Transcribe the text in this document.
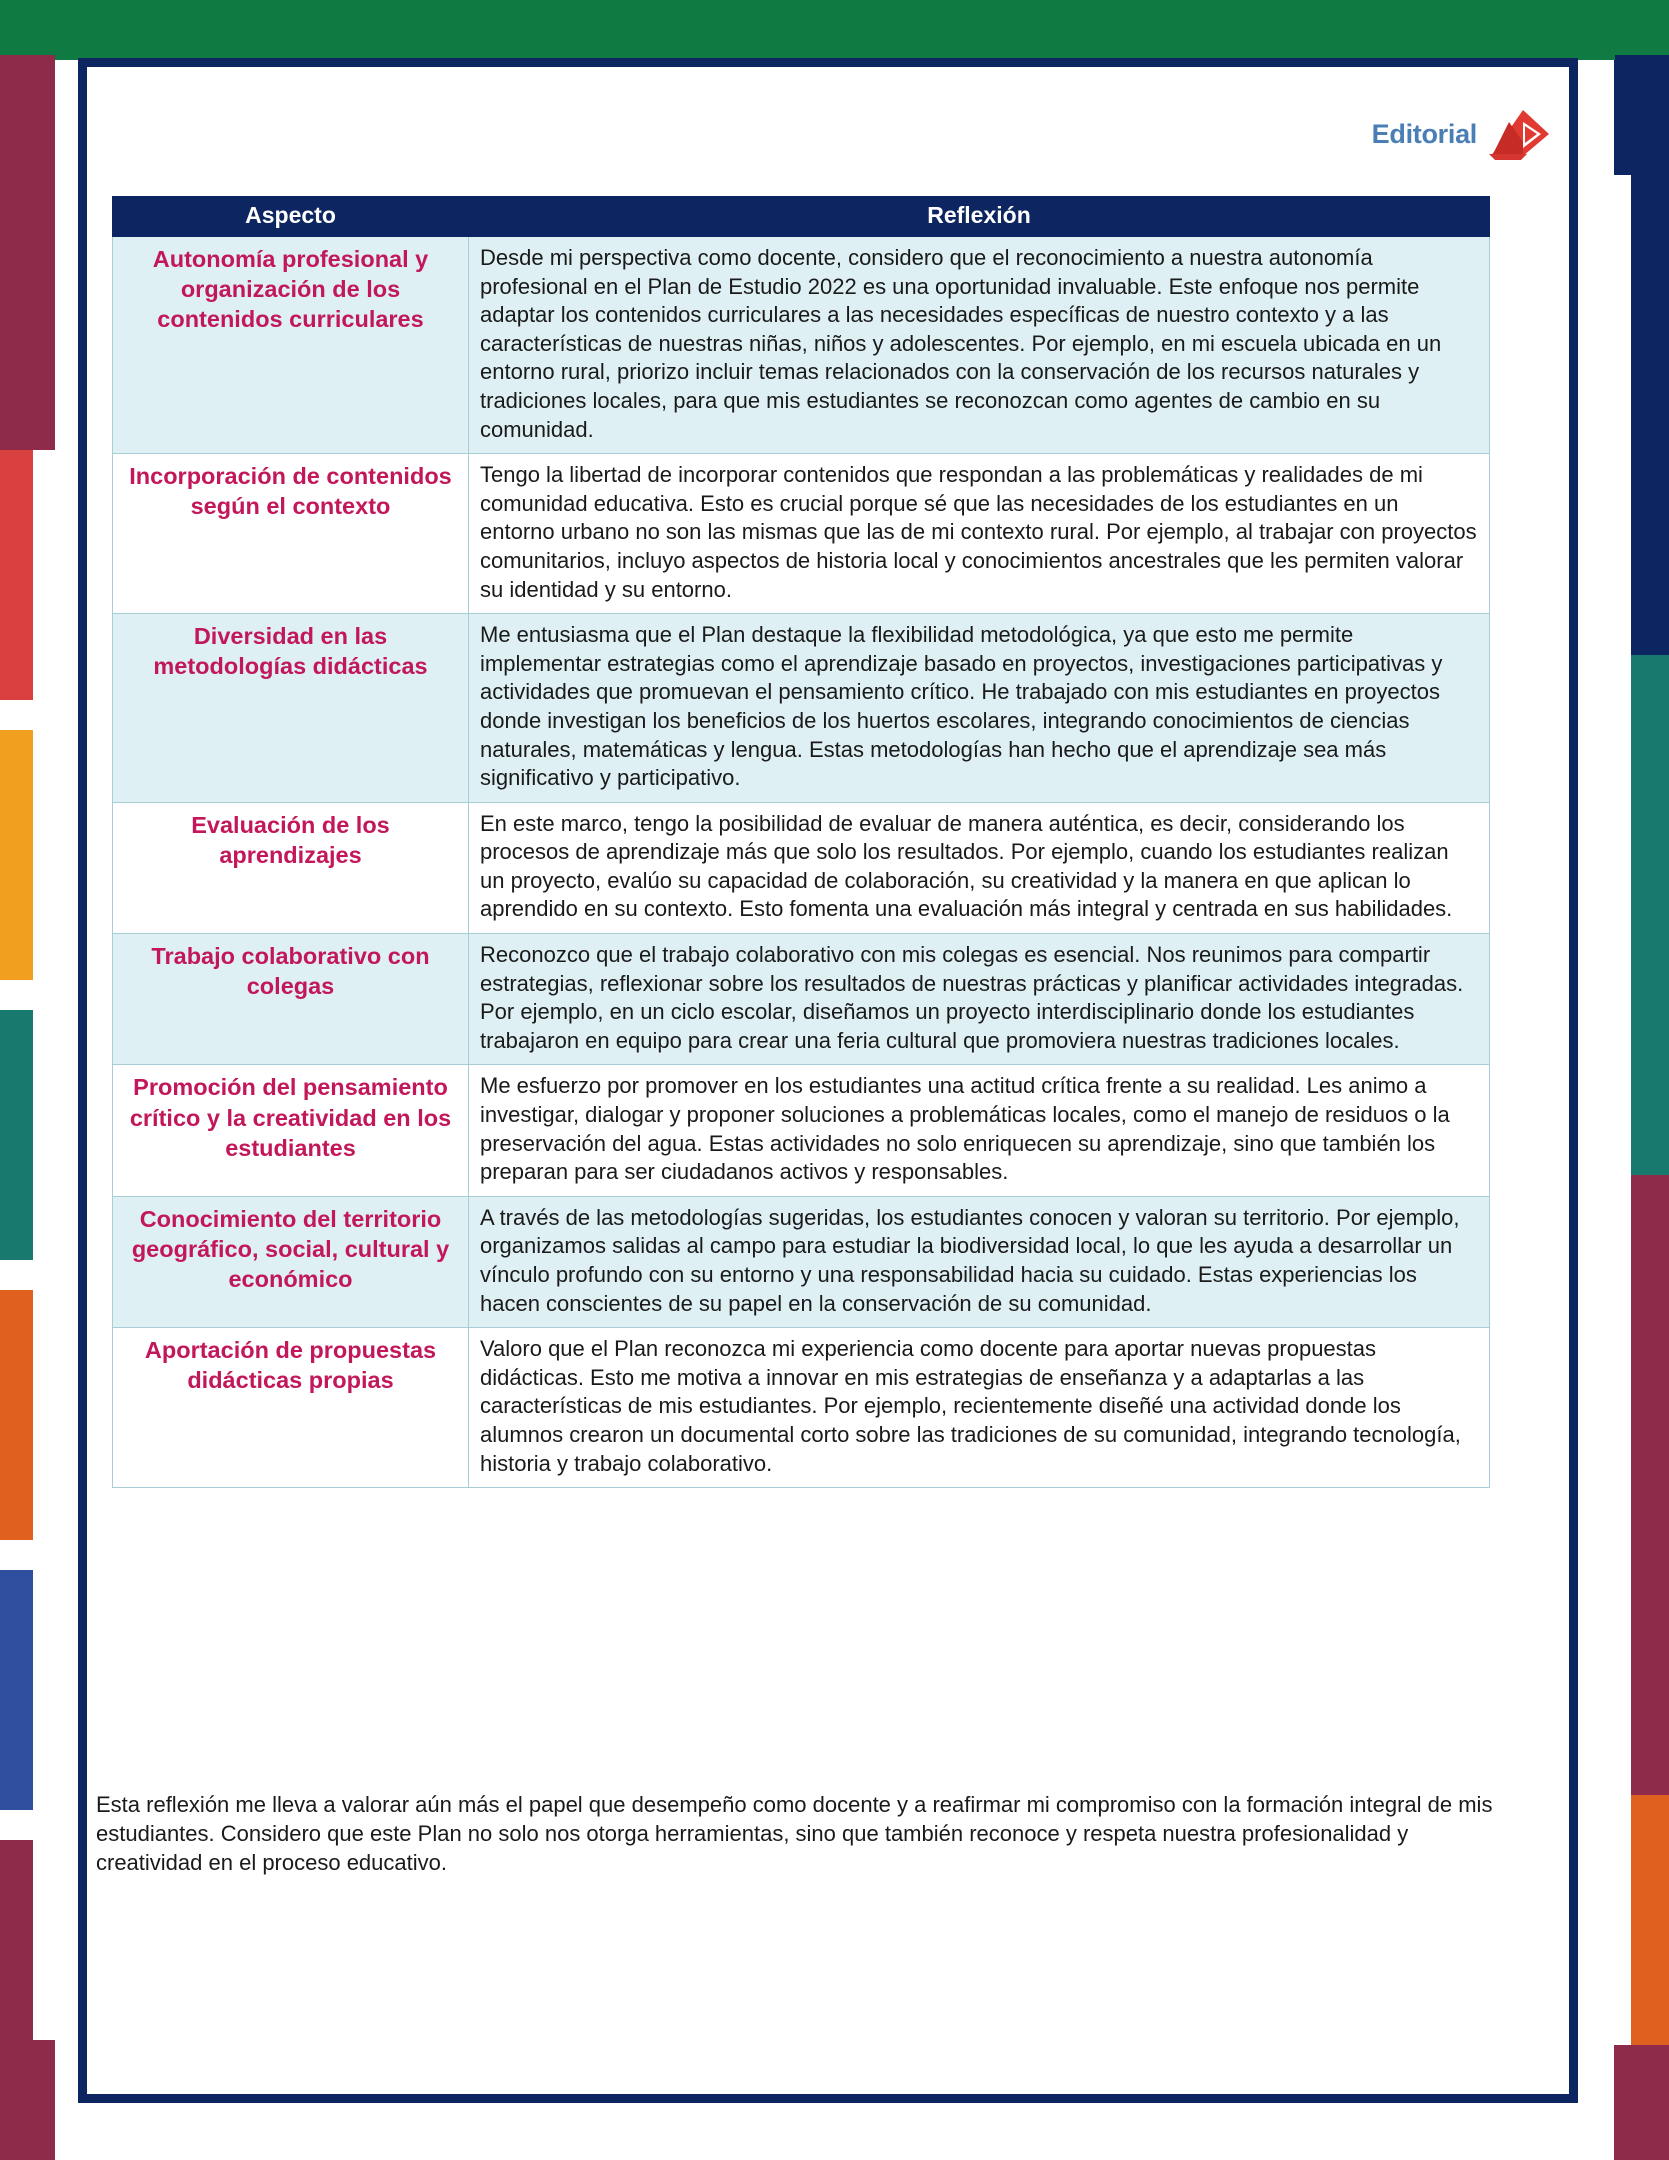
Editorial
Aspecto	Reflexión
Autonomía profesional y organización de los contenidos curriculares	Desde mi perspectiva como docente, considero que el reconocimiento a nuestra autonomía profesional en el Plan de Estudio 2022 es una oportunidad invaluable. Este enfoque nos permite adaptar los contenidos curriculares a las necesidades específicas de nuestro contexto y a las características de nuestras niñas, niños y adolescentes. Por ejemplo, en mi escuela ubicada en un entorno rural, priorizo incluir temas relacionados con la conservación de los recursos naturales y tradiciones locales, para que mis estudiantes se reconozcan como agentes de cambio en su comunidad.
Incorporación de contenidos según el contexto	Tengo la libertad de incorporar contenidos que respondan a las problemáticas y realidades de mi comunidad educativa. Esto es crucial porque sé que las necesidades de los estudiantes en un entorno urbano no son las mismas que las de mi contexto rural. Por ejemplo, al trabajar con proyectos comunitarios, incluyo aspectos de historia local y conocimientos ancestrales que les permiten valorar su identidad y su entorno.
Diversidad en las metodologías didácticas	Me entusiasma que el Plan destaque la flexibilidad metodológica, ya que esto me permite implementar estrategias como el aprendizaje basado en proyectos, investigaciones participativas y actividades que promuevan el pensamiento crítico. He trabajado con mis estudiantes en proyectos donde investigan los beneficios de los huertos escolares, integrando conocimientos de ciencias naturales, matemáticas y lengua. Estas metodologías han hecho que el aprendizaje sea más significativo y participativo.
Evaluación de los aprendizajes	En este marco, tengo la posibilidad de evaluar de manera auténtica, es decir, considerando los procesos de aprendizaje más que solo los resultados. Por ejemplo, cuando los estudiantes realizan un proyecto, evalúo su capacidad de colaboración, su creatividad y la manera en que aplican lo aprendido en su contexto. Esto fomenta una evaluación más integral y centrada en sus habilidades.
Trabajo colaborativo con colegas	Reconozco que el trabajo colaborativo con mis colegas es esencial. Nos reunimos para compartir estrategias, reflexionar sobre los resultados de nuestras prácticas y planificar actividades integradas. Por ejemplo, en un ciclo escolar, diseñamos un proyecto interdisciplinario donde los estudiantes trabajaron en equipo para crear una feria cultural que promoviera nuestras tradiciones locales.
Promoción del pensamiento crítico y la creatividad en los estudiantes	Me esfuerzo por promover en los estudiantes una actitud crítica frente a su realidad. Les animo a investigar, dialogar y proponer soluciones a problemáticas locales, como el manejo de residuos o la preservación del agua. Estas actividades no solo enriquecen su aprendizaje, sino que también los preparan para ser ciudadanos activos y responsables.
Conocimiento del territorio geográfico, social, cultural y económico	A través de las metodologías sugeridas, los estudiantes conocen y valoran su territorio. Por ejemplo, organizamos salidas al campo para estudiar la biodiversidad local, lo que les ayuda a desarrollar un vínculo profundo con su entorno y una responsabilidad hacia su cuidado. Estas experiencias los hacen conscientes de su papel en la conservación de su comunidad.
Aportación de propuestas didácticas propias	Valoro que el Plan reconozca mi experiencia como docente para aportar nuevas propuestas didácticas. Esto me motiva a innovar en mis estrategias de enseñanza y a adaptarlas a las características de mis estudiantes. Por ejemplo, recientemente diseñé una actividad donde los alumnos crearon un documental corto sobre las tradiciones de su comunidad, integrando tecnología, historia y trabajo colaborativo.

Esta reflexión me lleva a valorar aún más el papel que desempeño como docente y a reafirmar mi compromiso con la formación integral de mis estudiantes. Considero que este Plan no solo nos otorga herramientas, sino que también reconoce y respeta nuestra profesionalidad y creatividad en el proceso educativo.
